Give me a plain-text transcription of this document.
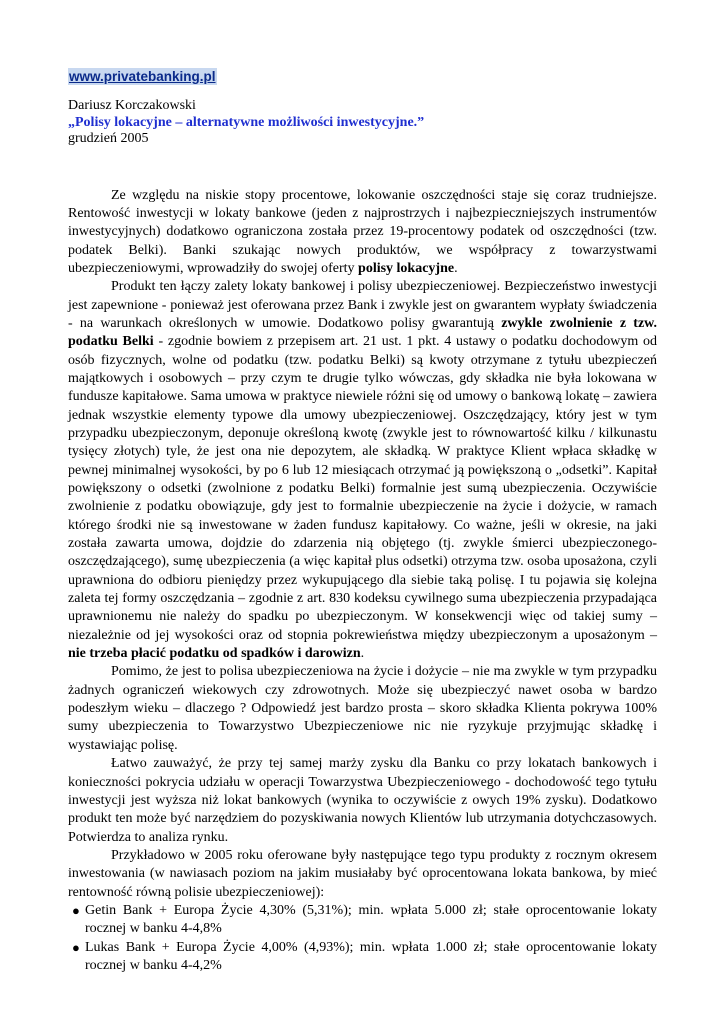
www.privatebanking.pl
Dariusz Korczakowski
„Polisy lokacyjne – alternatywne możliwości inwestycyjne.”
grudzień 2005

Ze względu na niskie stopy procentowe, lokowanie oszczędności staje się coraz trudniejsze. Rentowość inwestycji w lokaty bankowe (jeden z najprostrzych i najbezpieczniejszych instrumentów inwestycyjnych) dodatkowo ograniczona została przez 19-procentowy podatek od oszczędności (tzw. podatek Belki). Banki szukając nowych produktów, we współpracy z towarzystwami ubezpieczeniowymi, wprowadziły do swojej oferty polisy lokacyjne.

Produkt ten łączy zalety lokaty bankowej i polisy ubezpieczeniowej. Bezpieczeństwo inwestycji jest zapewnione - ponieważ jest oferowana przez Bank i zwykle jest on gwarantem wypłaty świadczenia - na warunkach określonych w umowie. Dodatkowo polisy gwarantują zwykle zwolnienie z tzw. podatku Belki - zgodnie bowiem z przepisem art. 21 ust. 1 pkt. 4 ustawy o podatku dochodowym od osób fizycznych, wolne od podatku (tzw. podatku Belki) są kwoty otrzymane z tytułu ubezpieczeń majątkowych i osobowych – przy czym te drugie tylko wówczas, gdy składka nie była lokowana w fundusze kapitałowe. Sama umowa w praktyce niewiele różni się od umowy o bankową lokatę – zawiera jednak wszystkie elementy typowe dla umowy ubezpieczeniowej. Oszczędzający, który jest w tym przypadku ubezpieczonym, deponuje określoną kwotę (zwykle jest to równowartość kilku / kilkunastu tysięcy złotych) tyle, że jest ona nie depozytem, ale składką. W praktyce Klient wpłaca składkę w pewnej minimalnej wysokości, by po 6 lub 12 miesiącach otrzymać ją powiększoną o „odsetki”. Kapitał powiększony o odsetki (zwolnione z podatku Belki) formalnie jest sumą ubezpieczenia. Oczywiście zwolnienie z podatku obowiązuje, gdy jest to formalnie ubezpieczenie na życie i dożycie, w ramach którego środki nie są inwestowane w żaden fundusz kapitałowy. Co ważne, jeśli w okresie, na jaki została zawarta umowa, dojdzie do zdarzenia nią objętego (tj. zwykle śmierci ubezpieczonego-oszczędzającego), sumę ubezpieczenia (a więc kapitał plus odsetki) otrzyma tzw. osoba uposażona, czyli uprawniona do odbioru pieniędzy przez wykupującego dla siebie taką polisę. I tu pojawia się kolejna zaleta tej formy oszczędzania – zgodnie z art. 830 kodeksu cywilnego suma ubezpieczenia przypadająca uprawnionemu nie należy do spadku po ubezpieczonym. W konsekwencji więc od takiej sumy – niezależnie od jej wysokości oraz od stopnia pokrewieństwa między ubezpieczonym a uposażonym – nie trzeba płacić podatku od spadków i darowizn.

Pomimo, że jest to polisa ubezpieczeniowa na życie i dożycie – nie ma zwykle w tym przypadku żadnych ograniczeń wiekowych czy zdrowotnych. Może się ubezpieczyć nawet osoba w bardzo podeszłym wieku – dlaczego ? Odpowiedź jest bardzo prosta – skoro składka Klienta pokrywa 100% sumy ubezpieczenia to Towarzystwo Ubezpieczeniowe nic nie ryzykuje przyjmując składkę i wystawiając polisę.

Łatwo zauważyć, że przy tej samej marży zysku dla Banku co przy lokatach bankowych i konieczności pokrycia udziału w operacji Towarzystwa Ubezpieczeniowego - dochodowość tego tytułu inwestycji jest wyższa niż lokat bankowych (wynika to oczywiście z owych 19% zysku). Dodatkowo produkt ten może być narzędziem do pozyskiwania nowych Klientów lub utrzymania dotychczasowych. Potwierdza to analiza rynku.

Przykładowo w 2005 roku oferowane były następujące tego typu produkty z rocznym okresem inwestowania (w nawiasach poziom na jakim musiałaby być oprocentowana lokata bankowa, by mieć rentowność równą polisie ubezpieczeniowej):

● Getin Bank + Europa Życie 4,30% (5,31%); min. wpłata 5.000 zł; stałe oprocentowanie lokaty rocznej w banku 4-4,8%
● Lukas Bank + Europa Życie 4,00% (4,93%); min. wpłata 1.000 zł; stałe oprocentowanie lokaty rocznej w banku 4-4,2%
